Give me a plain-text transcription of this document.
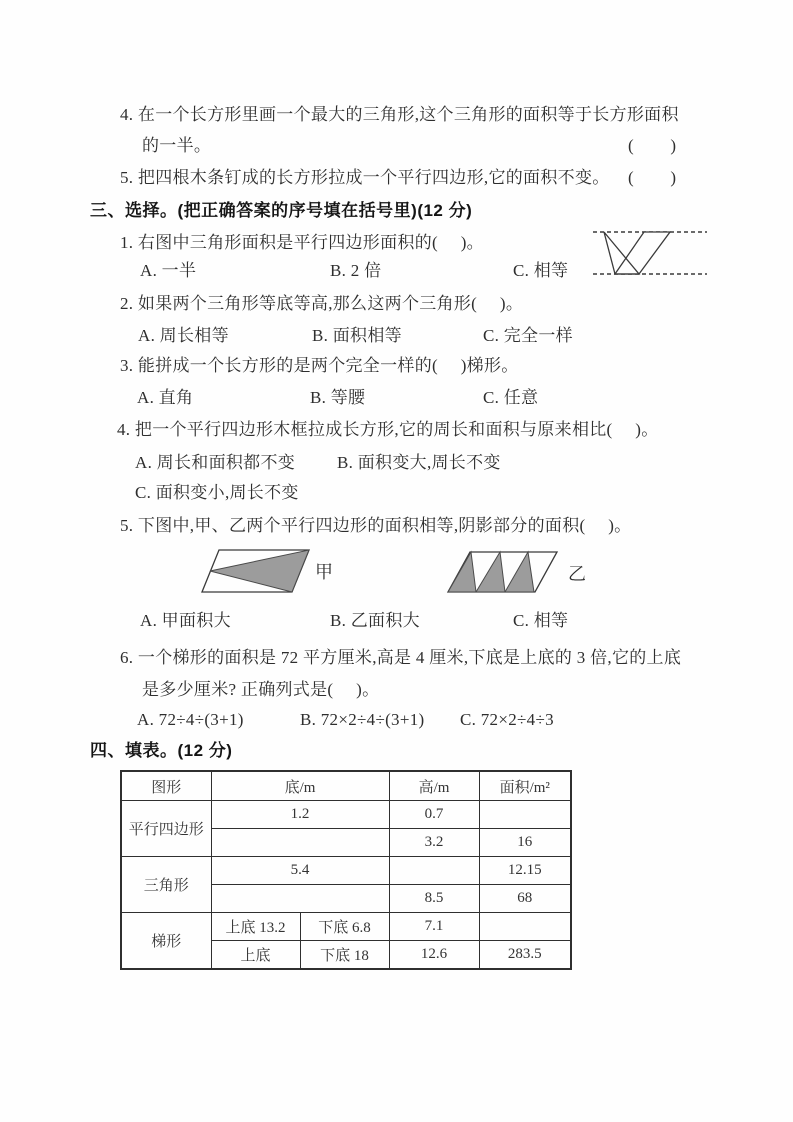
4. 在一个长方形里画一个最大的三角形,这个三角形的面积等于长方形面积
的一半。	(        )
5. 把四根木条钉成的长方形拉成一个平行四边形,它的面积不变。 (        )
三、选择。(把正确答案的序号填在括号里)(12 分)
1. 右图中三角形面积是平行四边形面积的(     )。
A. 一半	B. 2 倍	C. 相等
2. 如果两个三角形等底等高,那么这两个三角形(     )。
A. 周长相等	B. 面积相等	C. 完全一样
3. 能拼成一个长方形的是两个完全一样的(     )梯形。
A. 直角	B. 等腰	C. 任意
4. 把一个平行四边形木框拉成长方形,它的周长和面积与原来相比(     )。
A. 周长和面积都不变 B. 面积变大,周长不变
C. 面积变小,周长不变
5. 下图中,甲、乙两个平行四边形的面积相等,阴影部分的面积(     )。
甲	乙
A. 甲面积大	B. 乙面积大	C. 相等
6. 一个梯形的面积是 72 平方厘米,高是 4 厘米,下底是上底的 3 倍,它的上底
是多少厘米? 正确列式是(     )。
A. 72÷4÷(3+1)	B. 72×2÷4÷(3+1) C. 72×2÷4÷3
四、填表。(12 分)
图形	底/m		高/m	面积/m²
平行四边形	1.2		0.7	
			3.2	16
三角形	5.4			12.15
			8.5	68
梯形	上底 13.2	下底 6.8	7.1	
	上底	下底 18	12.6	283.5
